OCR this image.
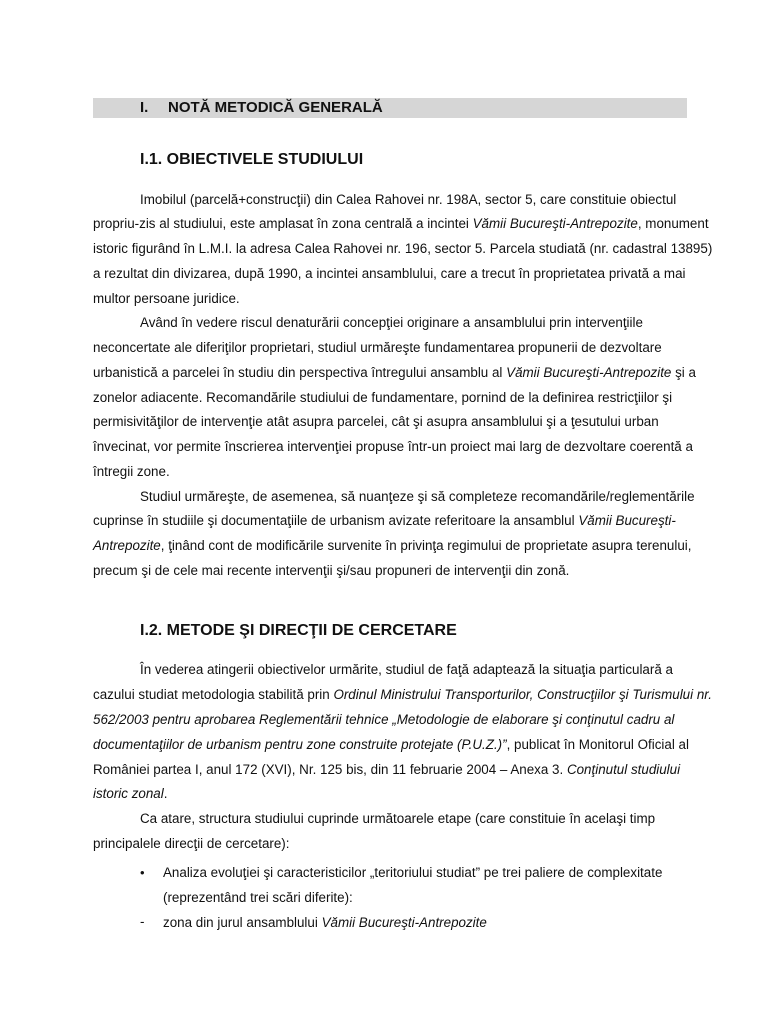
I. NOTĂ METODICĂ GENERALĂ
I.1. OBIECTIVELE STUDIULUI
Imobilul (parcelă+construcţii) din Calea Rahovei nr. 198A, sector 5, care constituie obiectul
propriu-zis al studiului, este amplasat în zona centrală a incintei Vămii Bucureşti-Antrepozite, monument
istoric figurând în L.M.I. la adresa Calea Rahovei nr. 196, sector 5. Parcela studiată (nr. cadastral 13895)
a rezultat din divizarea, după 1990, a incintei ansamblului, care a trecut în proprietatea privată a mai
multor persoane juridice.
Având în vedere riscul denaturării concepţiei originare a ansamblului prin intervenţiile
neconcertate ale diferiţilor proprietari, studiul urmăreşte fundamentarea propunerii de dezvoltare
urbanistică a parcelei în studiu din perspectiva întregului ansamblu al Vămii Bucureşti-Antrepozite şi a
zonelor adiacente. Recomandările studiului de fundamentare, pornind de la definirea restricţiilor şi
permisivităţilor de intervenţie atât asupra parcelei, cât şi asupra ansamblului şi a ţesutului urban
învecinat, vor permite înscrierea intervenţiei propuse într-un proiect mai larg de dezvoltare coerentă a
întregii zone.
Studiul urmăreşte, de asemenea, să nuanţeze şi să completeze recomandările/reglementările
cuprinse în studiile şi documentaţiile de urbanism avizate referitoare la ansamblul Vămii Bucureşti-
Antrepozite, ţinând cont de modificările survenite în privinţa regimului de proprietate asupra terenului,
precum şi de cele mai recente intervenţii şi/sau propuneri de intervenţii din zonă.
I.2. METODE ŞI DIRECŢII DE CERCETARE
În vederea atingerii obiectivelor urmărite, studiul de faţă adaptează la situaţia particulară a
cazului studiat metodologia stabilită prin Ordinul Ministrului Transporturilor, Construcţiilor şi Turismului nr.
562/2003 pentru aprobarea Reglementării tehnice „Metodologie de elaborare şi conţinutul cadru al
documentaţiilor de urbanism pentru zone construite protejate (P.U.Z.)”, publicat în Monitorul Oficial al
României partea I, anul 172 (XVI), Nr. 125 bis, din 11 februarie 2004 – Anexa 3. Conţinutul studiului
istoric zonal.
Ca atare, structura studiului cuprinde următoarele etape (care constituie în acelaşi timp
principalele direcţii de cercetare):
• Analiza evoluţiei şi caracteristicilor „teritoriului studiat” pe trei paliere de complexitate
(reprezentând trei scări diferite):
- zona din jurul ansamblului Vămii Bucureşti-Antrepozite
